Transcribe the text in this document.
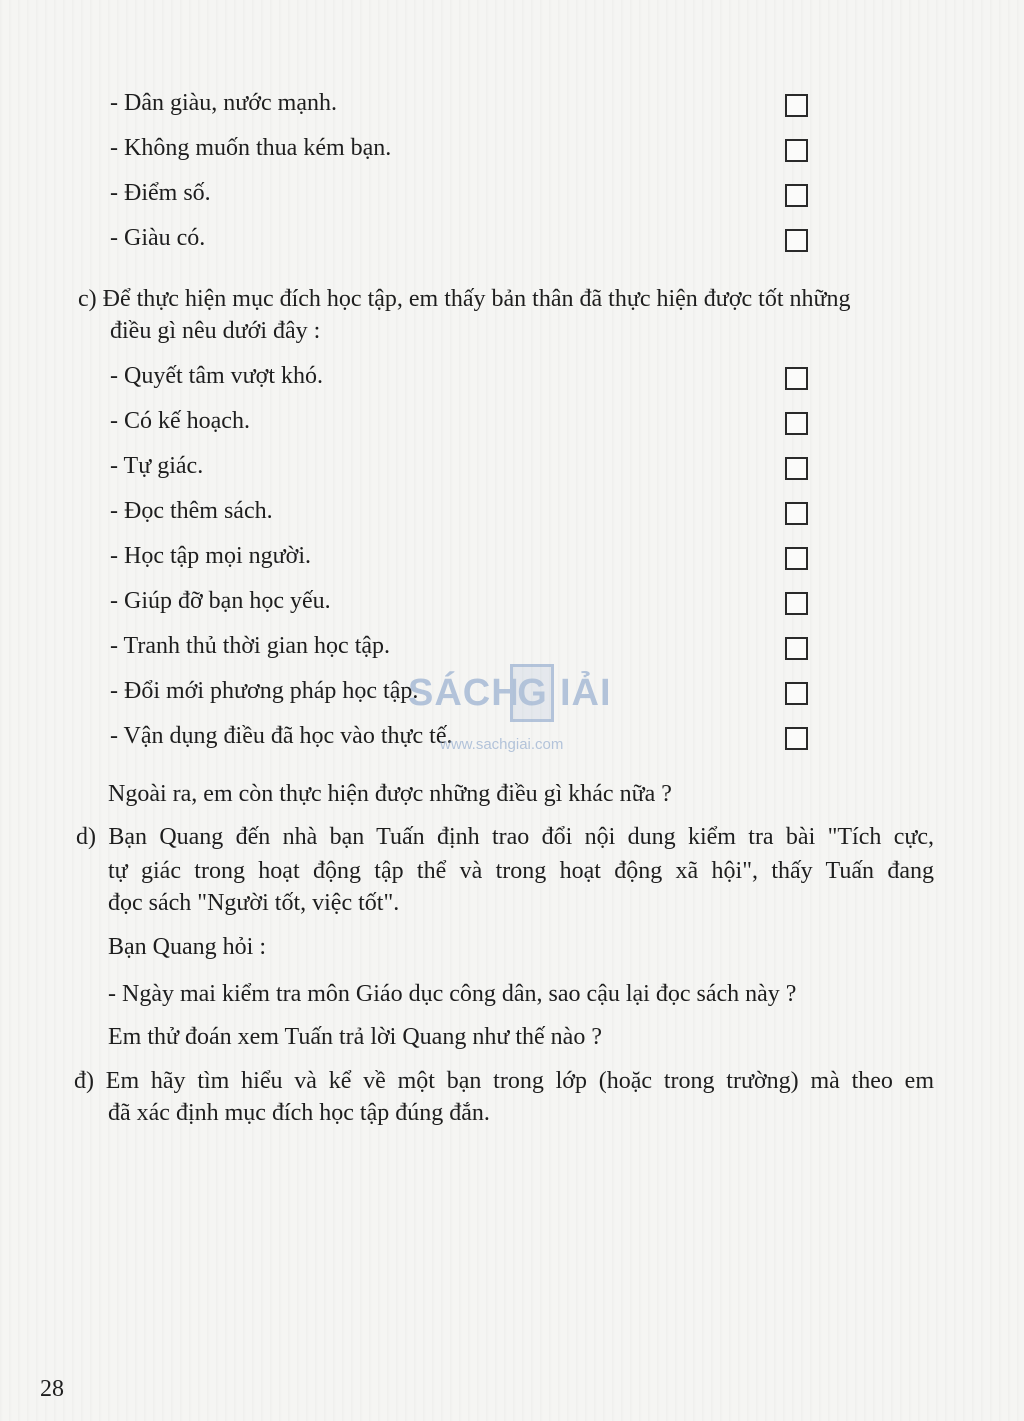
- Dân giàu, nước mạnh.
- Không muốn thua kém bạn.
- Điểm số.
- Giàu có.
c) Để thực hiện mục đích học tập, em thấy bản thân đã thực hiện được tốt những
điều gì nêu dưới đây :
- Quyết tâm vượt khó.
- Có kế hoạch.
- Tự giác.
- Đọc thêm sách.
- Học tập mọi người.
- Giúp đỡ bạn học yếu.
- Tranh thủ thời gian học tập.
- Đổi mới phương pháp học tập.
- Vận dụng điều đã học vào thực tế.
Ngoài ra, em còn thực hiện được những điều gì khác nữa ?
d) Bạn Quang đến nhà bạn Tuấn định trao đổi nội dung kiểm tra bài "Tích cực,
tự giác trong hoạt động tập thể và trong hoạt động xã hội", thấy Tuấn đang
đọc sách "Người tốt, việc tốt".
Bạn Quang hỏi :
- Ngày mai kiểm tra môn Giáo dục công dân, sao cậu lại đọc sách này ?
Em thử đoán xem Tuấn trả lời Quang như thế nào ?
đ) Em hãy tìm hiểu và kể về một bạn trong lớp (hoặc trong trường) mà theo em
đã xác định mục đích học tập đúng đắn.
SÁCH
G IẢI
www.sachgiai.com
28
